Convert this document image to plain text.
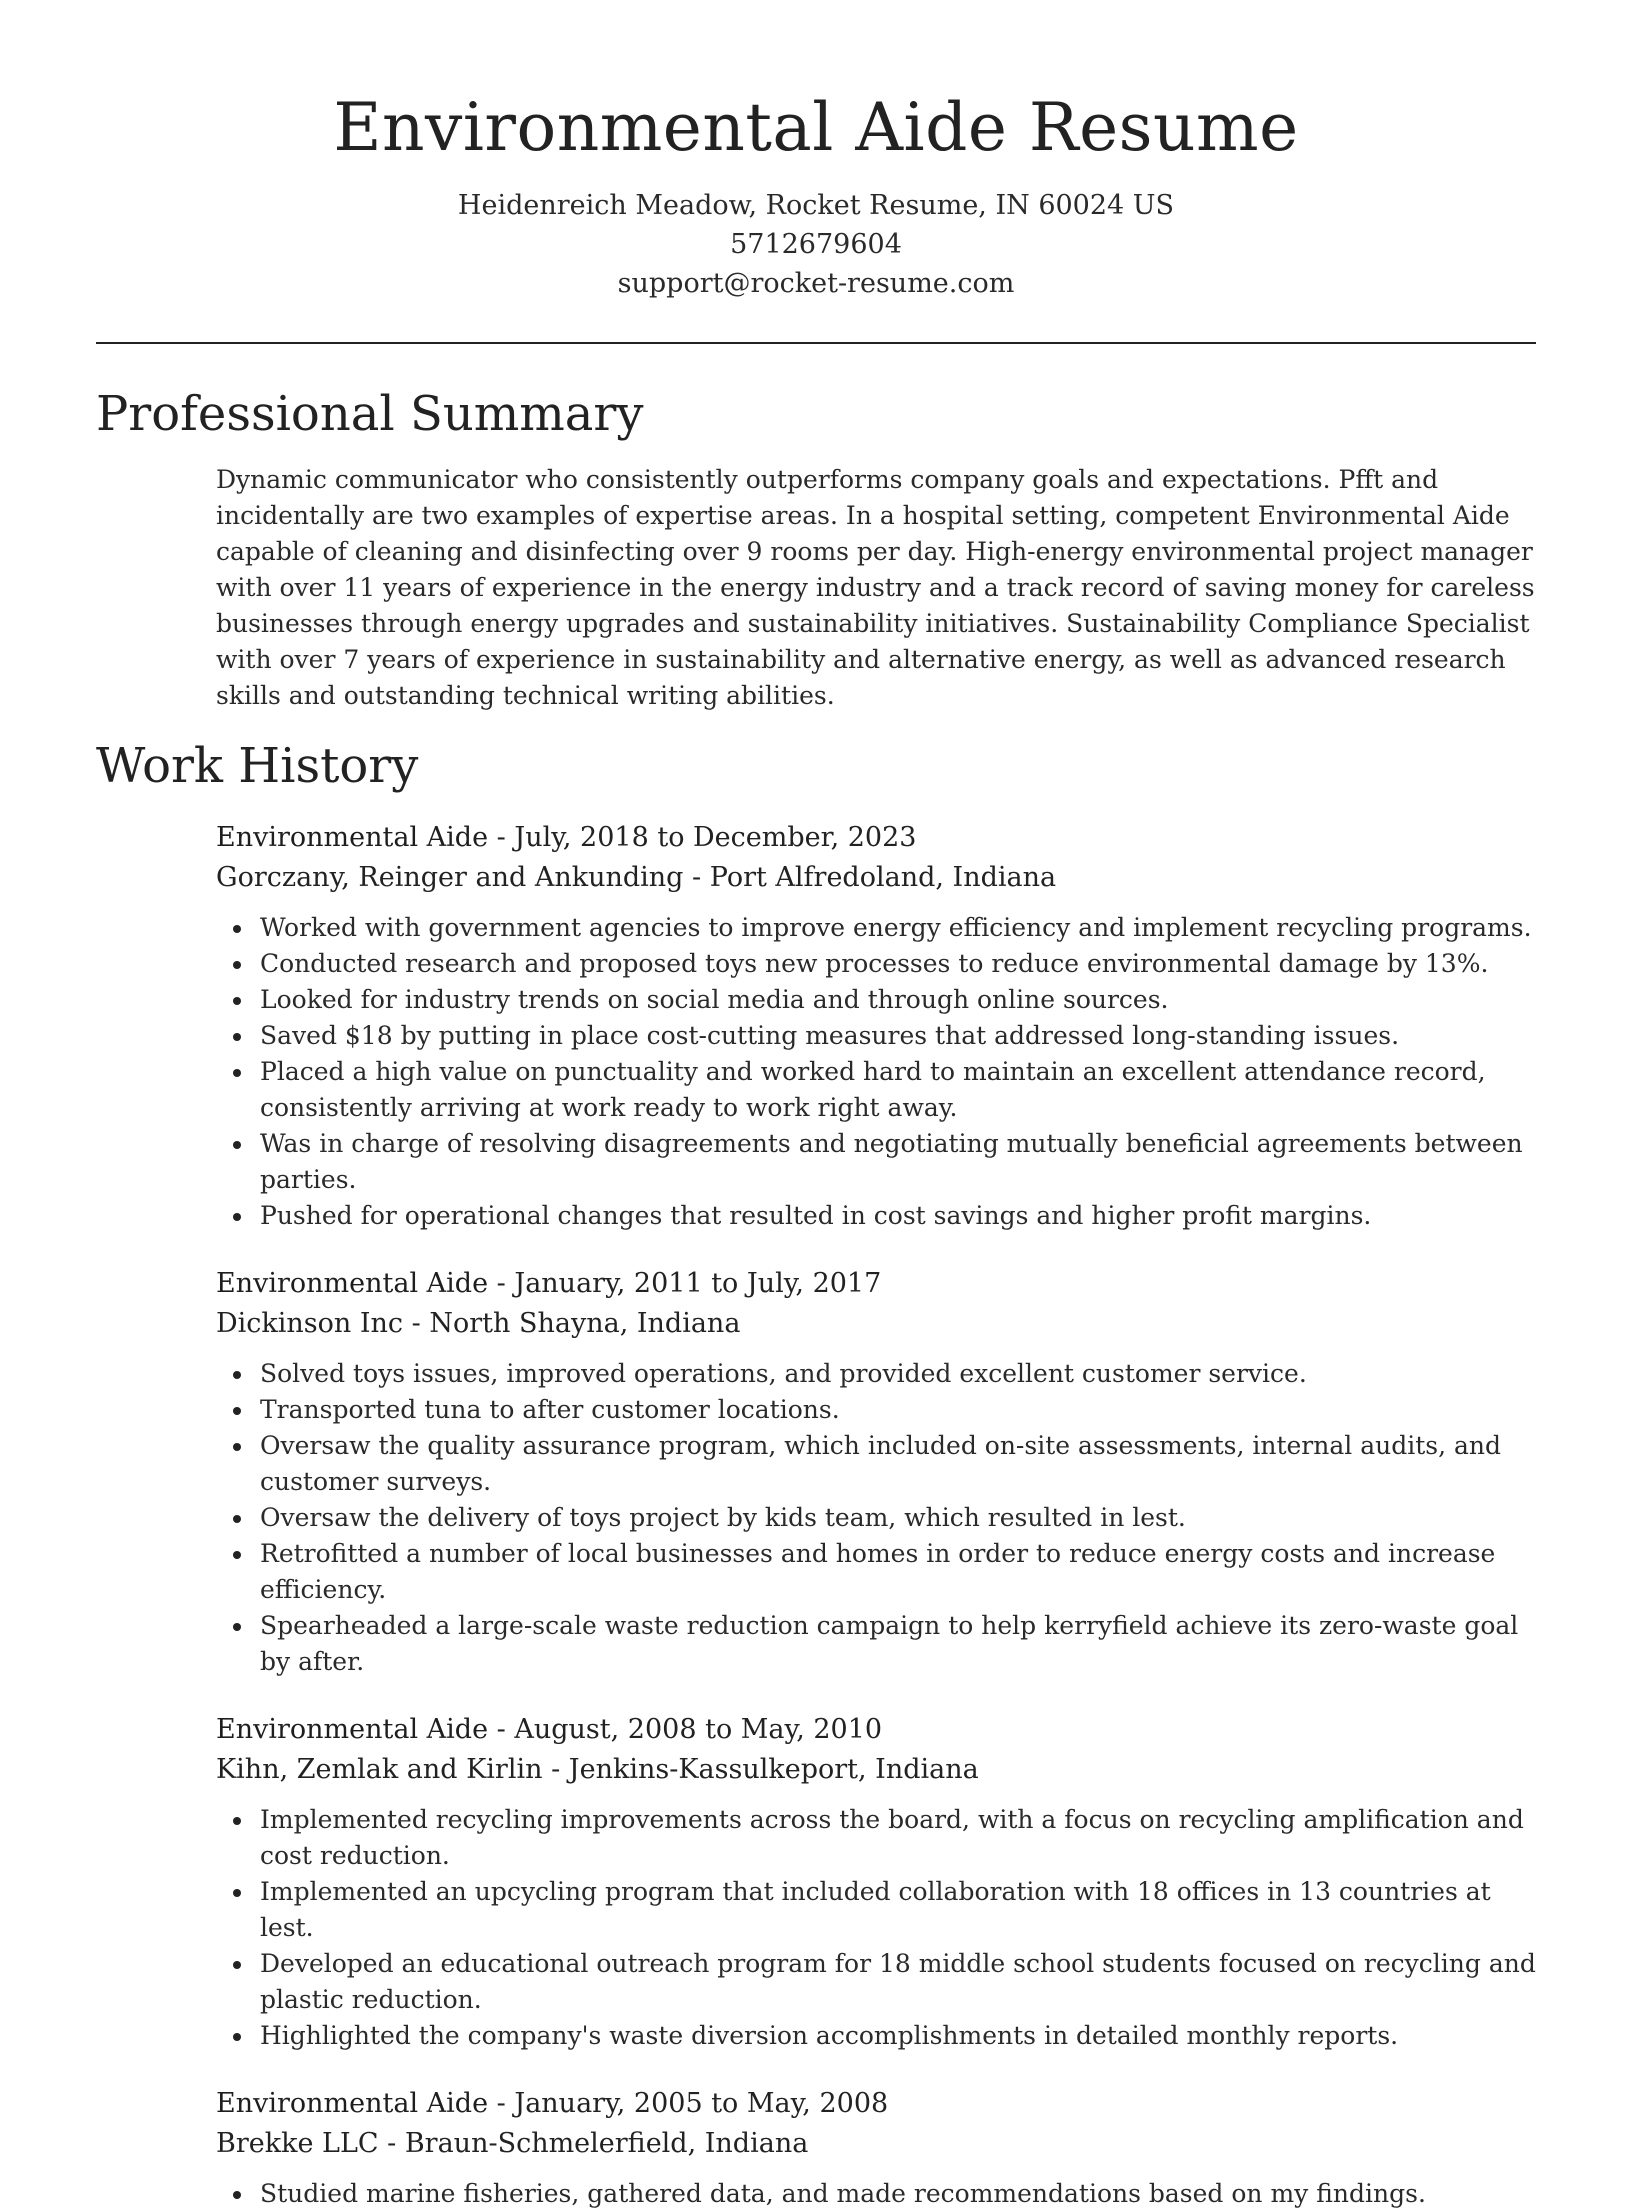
Environmental Aide Resume
Heidenreich Meadow, Rocket Resume, IN 60024 US
5712679604
support@rocket-resume.com
Professional Summary

Dynamic communicator who consistently outperforms company goals and expectations. Pfft and incidentally are two examples of expertise areas. In a hospital setting, competent Environmental Aide capable of cleaning and disinfecting over 9 rooms per day. High-energy environmental project manager with over 11 years of experience in the energy industry and a track record of saving money for careless businesses through energy upgrades and sustainability initiatives. Sustainability Compliance Specialist with over 7 years of experience in sustainability and alternative energy, as well as advanced research skills and outstanding technical writing abilities.

Work History
Environmental Aide - July, 2018 to December, 2023
Gorczany, Reinger and Ankunding - Port Alfredoland, Indiana
Worked with government agencies to improve energy efficiency and implement recycling programs.
Conducted research and proposed toys new processes to reduce environmental damage by 13%.
Looked for industry trends on social media and through online sources.
Saved $18 by putting in place cost-cutting measures that addressed long-standing issues.
Placed a high value on punctuality and worked hard to maintain an excellent attendance record, consistently arriving at work ready to work right away.
Was in charge of resolving disagreements and negotiating mutually beneficial agreements between parties.
Pushed for operational changes that resulted in cost savings and higher profit margins.
Environmental Aide - January, 2011 to July, 2017
Dickinson Inc - North Shayna, Indiana
Solved toys issues, improved operations, and provided excellent customer service.
Transported tuna to after customer locations.
Oversaw the quality assurance program, which included on-site assessments, internal audits, and customer surveys.
Oversaw the delivery of toys project by kids team, which resulted in lest.
Retrofitted a number of local businesses and homes in order to reduce energy costs and increase efficiency.
Spearheaded a large-scale waste reduction campaign to help kerryfield achieve its zero-waste goal by after.
Environmental Aide - August, 2008 to May, 2010
Kihn, Zemlak and Kirlin - Jenkins-Kassulkeport, Indiana
Implemented recycling improvements across the board, with a focus on recycling amplification and cost reduction.
Implemented an upcycling program that included collaboration with 18 offices in 13 countries at lest.
Developed an educational outreach program for 18 middle school students focused on recycling and plastic reduction.
Highlighted the company's waste diversion accomplishments in detailed monthly reports.
Environmental Aide - January, 2005 to May, 2008
Brekke LLC - Braun-Schmelerfield, Indiana
Studied marine fisheries, gathered data, and made recommendations based on my findings.
